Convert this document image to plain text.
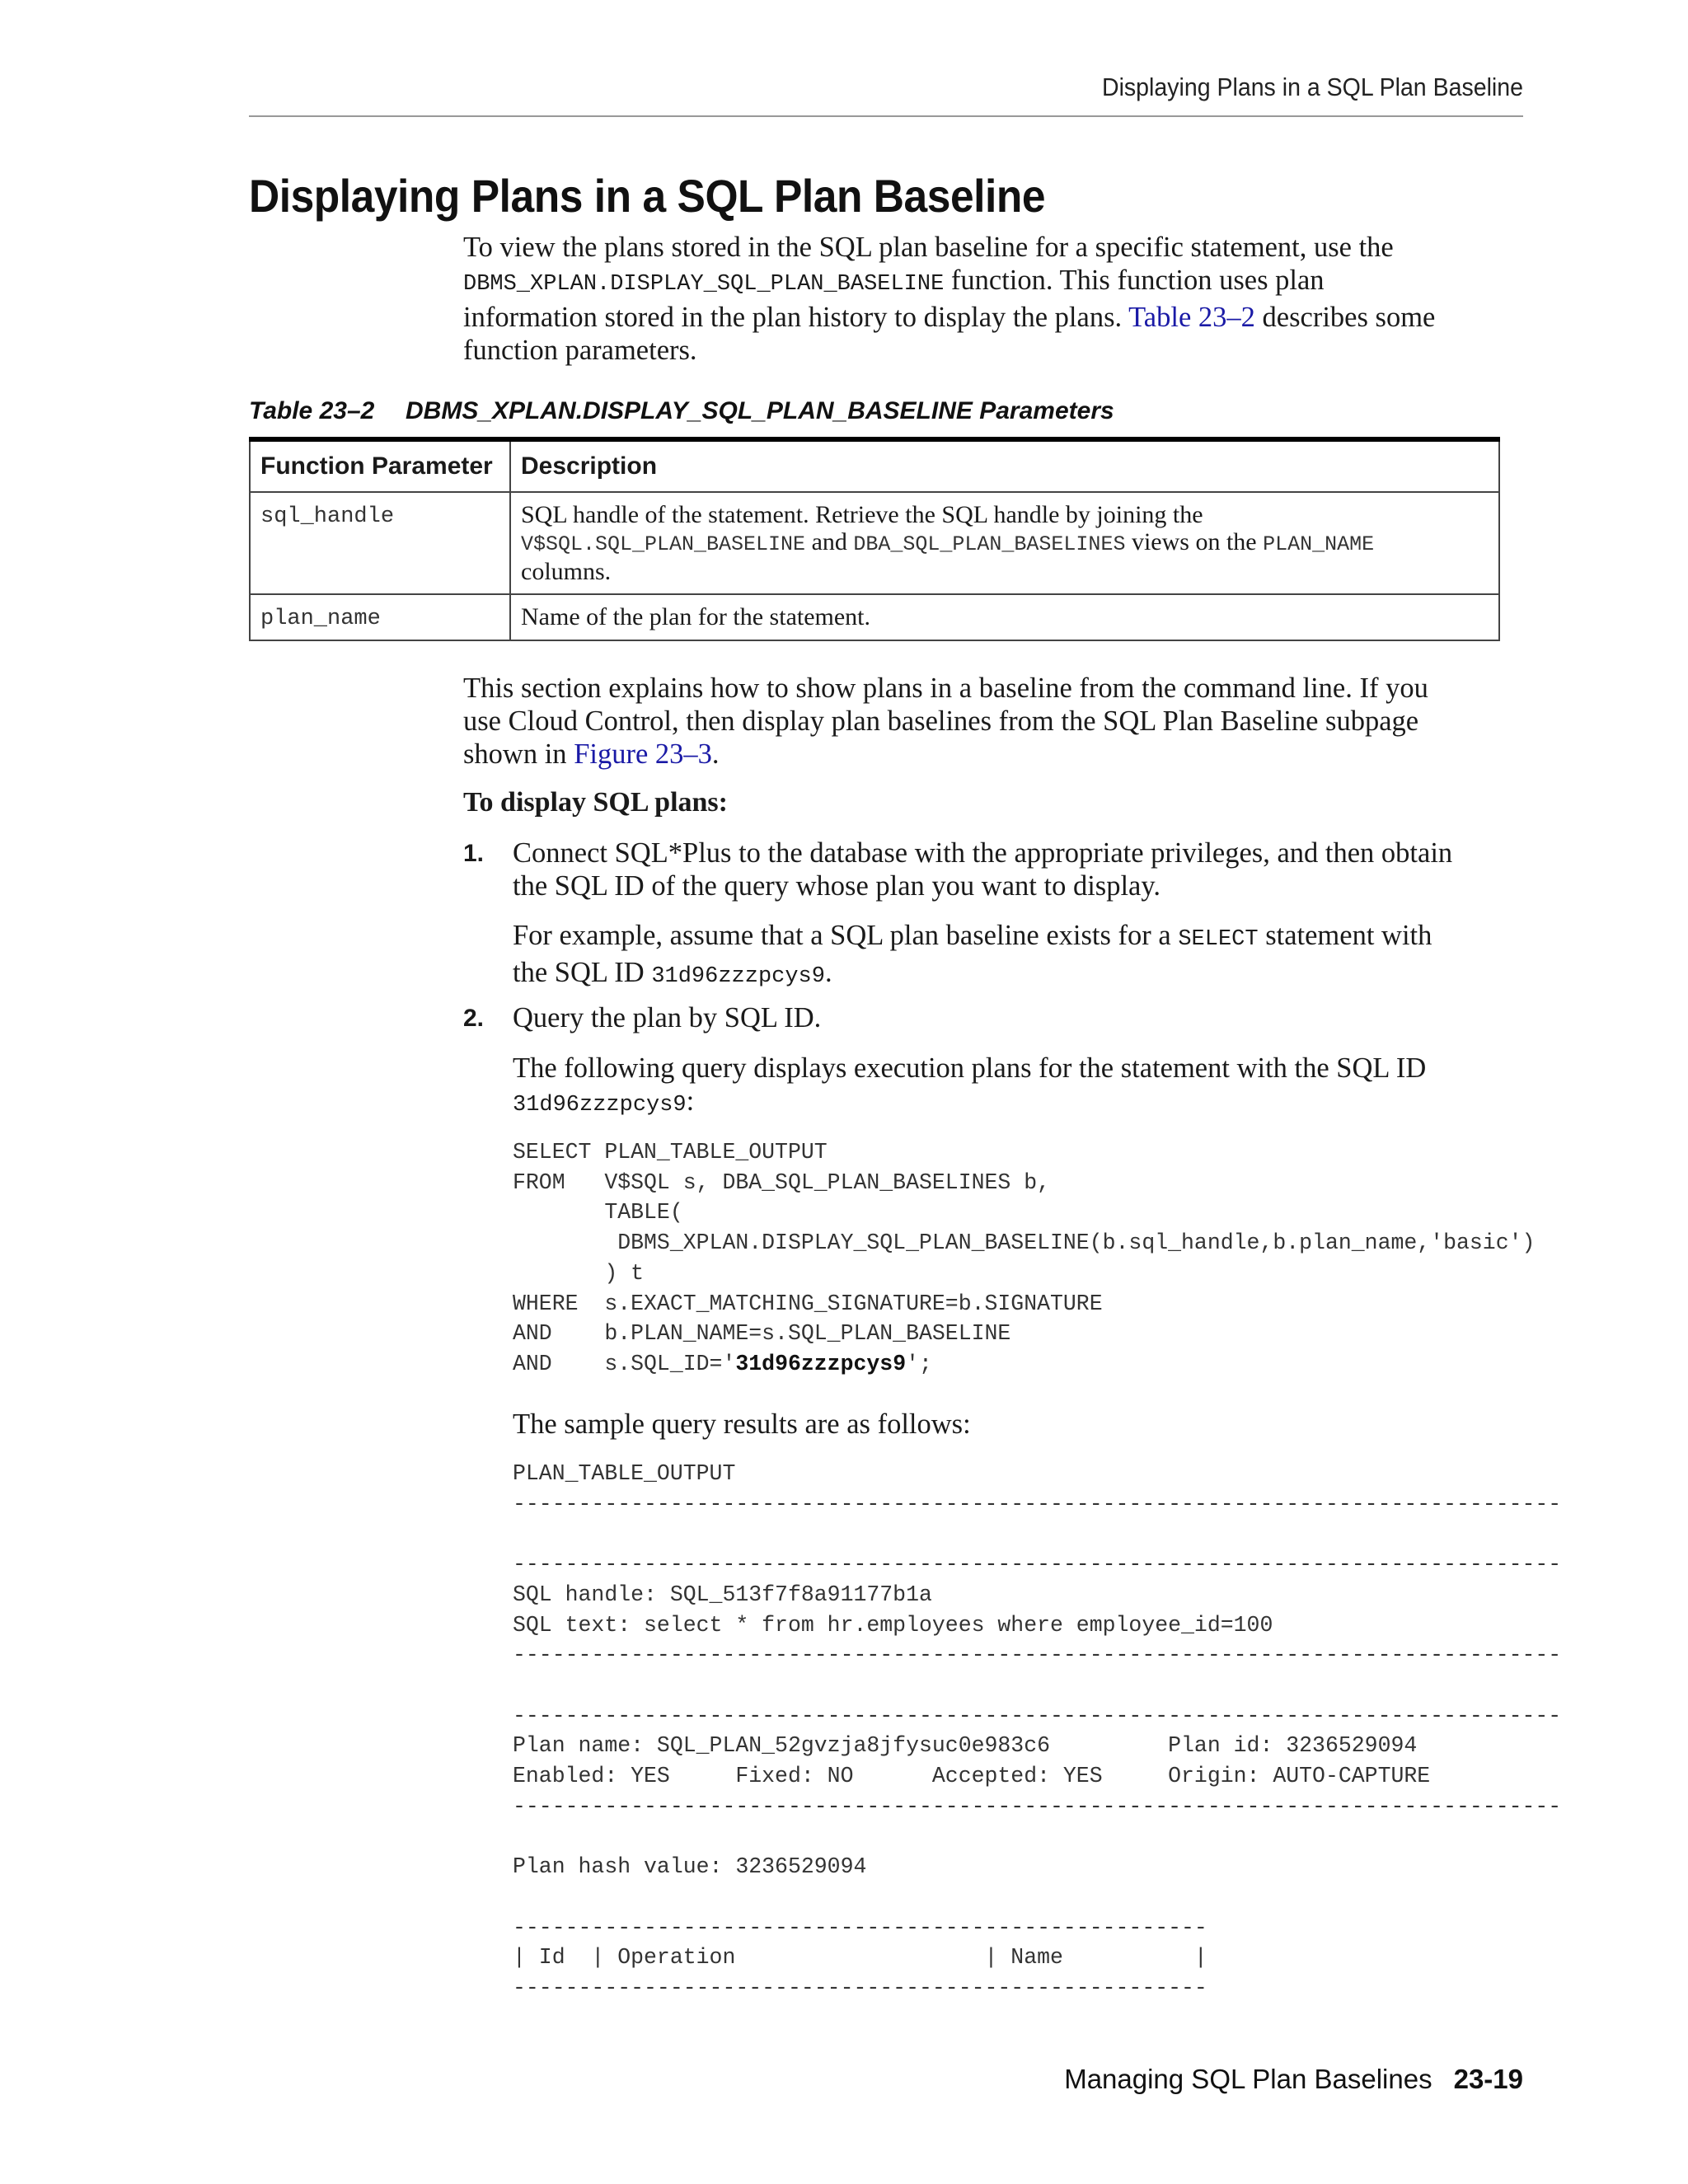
Displaying Plans in a SQL Plan Baseline
Displaying Plans in a SQL Plan Baseline
To view the plans stored in the SQL plan baseline for a specific statement, use the
DBMS_XPLAN.DISPLAY_SQL_PLAN_BASELINE function. This function uses plan
information stored in the plan history to display the plans. Table 23–2 describes some
function parameters.
Table 23–2 DBMS_XPLAN.DISPLAY_SQL_PLAN_BASELINE Parameters
Function Parameter	Description
sql_handle	SQL handle of the statement. Retrieve the SQL handle by joining the
V$SQL.SQL_PLAN_BASELINE and DBA_SQL_PLAN_BASELINES views on the PLAN_NAME
columns.
plan_name	Name of the plan for the statement.
This section explains how to show plans in a baseline from the command line. If you
use Cloud Control, then display plan baselines from the SQL Plan Baseline subpage
shown in Figure 23–3.
To display SQL plans:
1. Connect SQL*Plus to the database with the appropriate privileges, and then obtain
the SQL ID of the query whose plan you want to display.
For example, assume that a SQL plan baseline exists for a SELECT statement with
the SQL ID 31d96zzzpcys9.
2. Query the plan by SQL ID.
The following query displays execution plans for the statement with the SQL ID
31d96zzzpcys9:
SELECT PLAN_TABLE_OUTPUT
FROM   V$SQL s, DBA_SQL_PLAN_BASELINES b,
TABLE(
DBMS_XPLAN.DISPLAY_SQL_PLAN_BASELINE(b.sql_handle,b.plan_name,'basic')
) t
WHERE  s.EXACT_MATCHING_SIGNATURE=b.SIGNATURE
AND    b.PLAN_NAME=s.SQL_PLAN_BASELINE
AND    s.SQL_ID='31d96zzzpcys9';
The sample query results are as follows:
PLAN_TABLE_OUTPUT
--------------------------------------------------------------------------------

--------------------------------------------------------------------------------
SQL handle: SQL_513f7f8a91177b1a
SQL text: select * from hr.employees where employee_id=100
--------------------------------------------------------------------------------

--------------------------------------------------------------------------------
Plan name: SQL_PLAN_52gvzja8jfysuc0e983c6         Plan id: 3236529094
Enabled: YES     Fixed: NO      Accepted: YES     Origin: AUTO-CAPTURE
--------------------------------------------------------------------------------

Plan hash value: 3236529094

-----------------------------------------------------
| Id  | Operation                   | Name          |
-----------------------------------------------------
Managing SQL Plan Baselines 23-19
